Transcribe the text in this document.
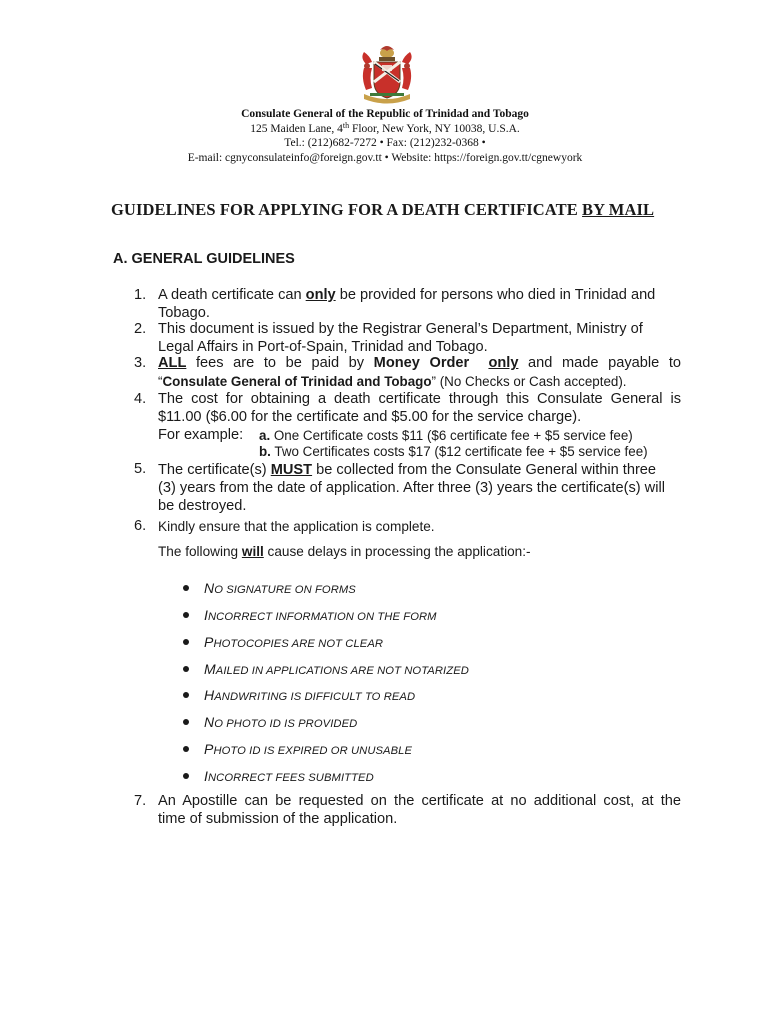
Consulate General of the Republic of Trinidad and Tobago
125 Maiden Lane, 4th Floor, New York, NY 10038, U.S.A.
Tel.: (212)682-7272 • Fax: (212)232-0368 •
E-mail: cgnyconsulateinfo@foreign.gov.tt • Website: https://foreign.gov.tt/cgnewyork
GUIDELINES FOR APPLYING FOR A DEATH CERTIFICATE BY MAIL
A. GENERAL GUIDELINES
1. A death certificate can only be provided for persons who died in Trinidad and
Tobago.
2. This document is issued by the Registrar General’s Department, Ministry of
Legal Affairs in Port-of-Spain, Trinidad and Tobago.
3. ALL fees are to be paid by Money Order only and made payable to
“Consulate General of Trinidad and Tobago” (No Checks or Cash accepted).
4. The cost for obtaining a death certificate through this Consulate General is
$11.00 ($6.00 for the certificate and $5.00 for the service charge).
For example: a. One Certificate costs $11 ($6 certificate fee + $5 service fee)
b. Two Certificates costs $17 ($12 certificate fee + $5 service fee)
5. The certificate(s) MUST be collected from the Consulate General within three
(3) years from the date of application. After three (3) years the certificate(s) will
be destroyed.
6. Kindly ensure that the application is complete.
The following will cause delays in processing the application:-
NO SIGNATURE ON FORMS
INCORRECT INFORMATION ON THE FORM
PHOTOCOPIES ARE NOT CLEAR
MAILED IN APPLICATIONS ARE NOT NOTARIZED
HANDWRITING IS DIFFICULT TO READ
NO PHOTO ID IS PROVIDED
PHOTO ID IS EXPIRED OR UNUSABLE
INCORRECT FEES SUBMITTED
7. An Apostille can be requested on the certificate at no additional cost, at the
time of submission of the application.
